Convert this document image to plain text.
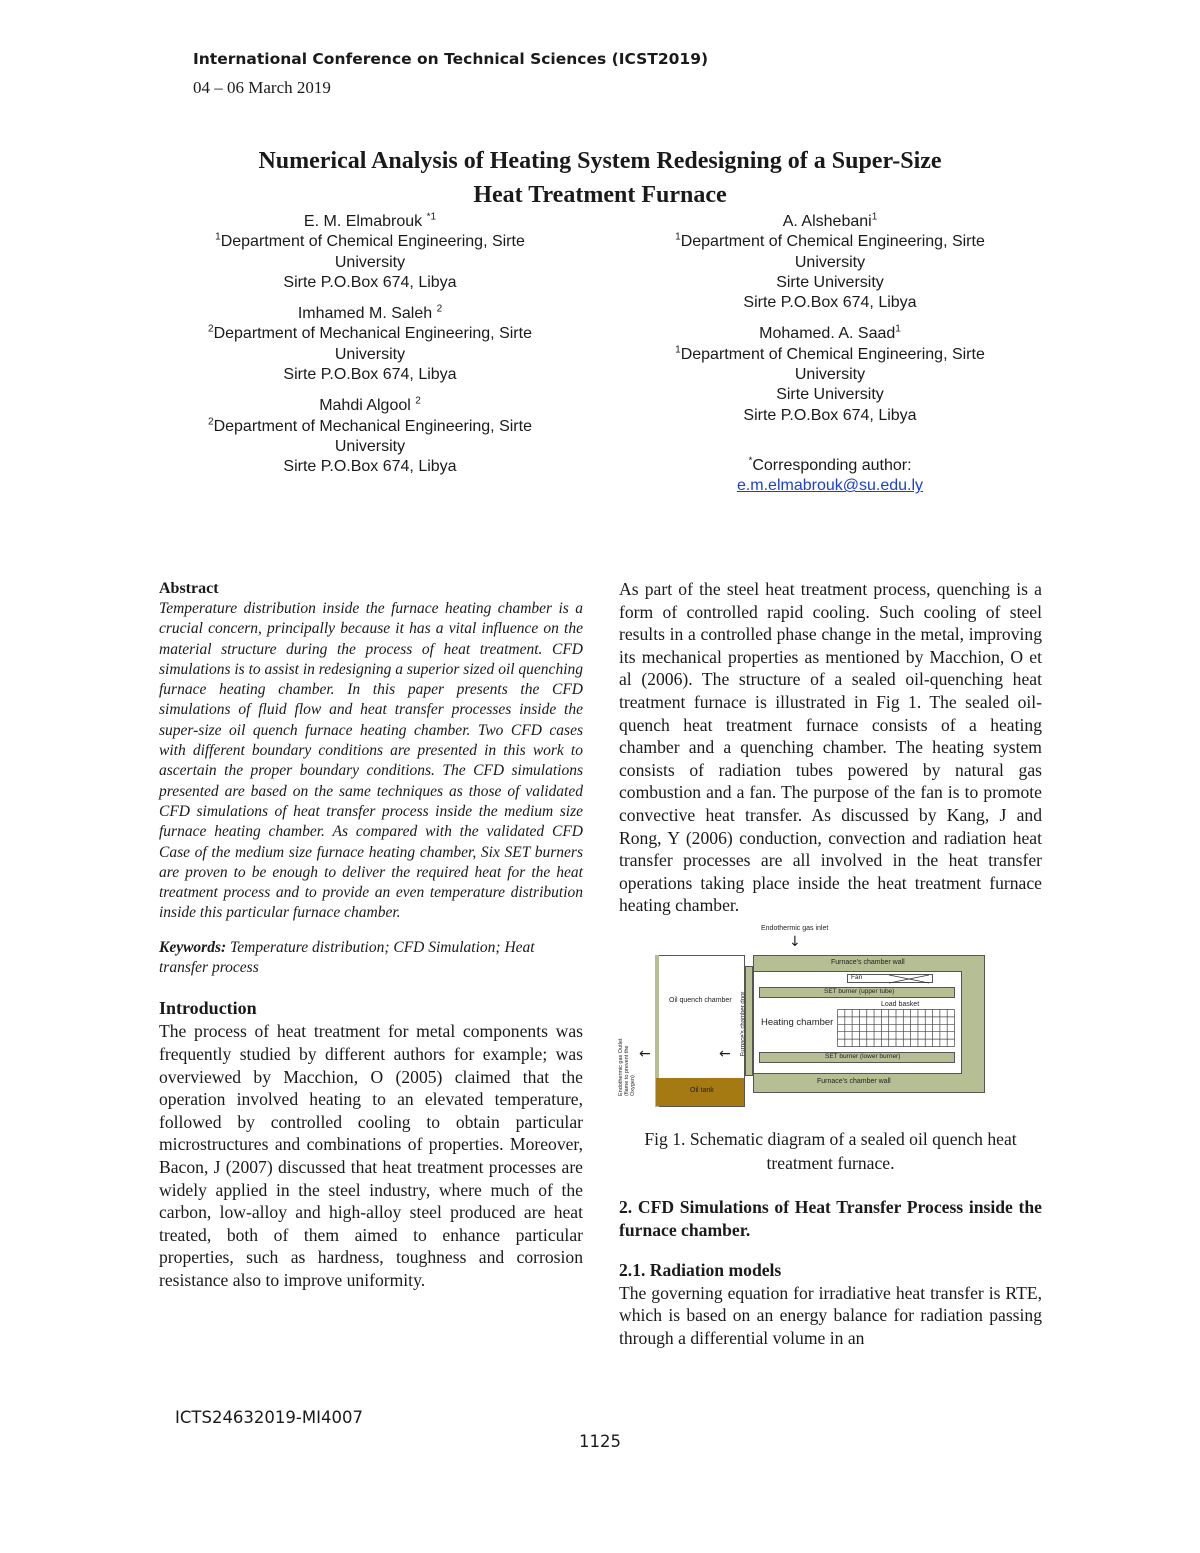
International Conference on Technical Sciences (ICST2019)
04 – 06 March 2019
Numerical Analysis of Heating System Redesigning of a Super-Size
Heat Treatment Furnace
E. M. Elmabrouk $^{*1}$
$^1$Department of Chemical Engineering, Sirte
University
Sirte P.O.Box 674, Libya
Imhamed M. Saleh $^2$
$^2$Department of Mechanical Engineering, Sirte
University
Sirte P.O.Box 674, Libya
Mahdi Algool $^2$
$^2$Department of Mechanical Engineering, Sirte
University
Sirte P.O.Box 674, Libya
A. Alshebani$^1$
$^1$Department of Chemical Engineering, Sirte
University
Sirte University
Sirte P.O.Box 674, Libya
Mohamed. A. Saad$^1$
$^1$Department of Chemical Engineering, Sirte
University
Sirte University
Sirte P.O.Box 674, Libya
*Corresponding author:
e.m.elmabrouk@su.edu.ly
Abstract
Temperature distribution inside the furnace heating chamber is a crucial concern, principally because it has a vital influence on the material structure during the process of heat treatment. CFD simulations is to assist in redesigning a superior sized oil quenching furnace heating chamber. In this paper presents the CFD simulations of fluid flow and heat transfer processes inside the super-size oil quench furnace heating chamber. Two CFD cases with different boundary conditions are presented in this work to ascertain the proper boundary conditions. The CFD simulations presented are based on the same techniques as those of validated CFD simulations of heat transfer process inside the medium size furnace heating chamber. As compared with the validated CFD Case of the medium size furnace heating chamber, Six SET burners are proven to be enough to deliver the required heat for the heat treatment process and to provide an even temperature distribution inside this particular furnace chamber.
Keywords: Temperature distribution; CFD Simulation; Heat transfer process
Introduction
The process of heat treatment for metal components was frequently studied by different authors for example; was overviewed by Macchion, O (2005) claimed that the operation involved heating to an elevated temperature, followed by controlled cooling to obtain particular microstructures and combinations of properties. Moreover, Bacon, J (2007) discussed that heat treatment processes are widely applied in the steel industry, where much of the carbon, low-alloy and high-alloy steel produced are heat treated, both of them aimed to enhance particular properties, such as hardness, toughness and corrosion resistance also to improve uniformity.
As part of the steel heat treatment process, quenching is a form of controlled rapid cooling. Such cooling of steel results in a controlled phase change in the metal, improving its mechanical properties as mentioned by Macchion, O et al (2006). The structure of a sealed oil-quenching heat treatment furnace is illustrated in Fig 1. The sealed oil-quench heat treatment furnace consists of a heating chamber and a quenching chamber. The heating system consists of radiation tubes powered by natural gas combustion and a fan. The purpose of the fan is to promote convective heat transfer. As discussed by Kang, J and Rong, Y (2006) conduction, convection and radiation heat transfer processes are all involved in the heat transfer operations taking place inside the heat treatment furnace heating chamber.
Endothermic gas inlet
↓
Oil quench chamber
Oil tank
Furnace's chamber door
Furnace's chamber wall
Furnace's chamber wall
Heating chamber
Fan
SET burner (upper tube)
Load basket
SET burner (lower burner)
←
←
Endothermic gas Outlet (flame to prevent the Oxygen)
Fig 1. Schematic diagram of a sealed oil quench heat
treatment furnace.
2. CFD Simulations of Heat Transfer Process inside the furnace chamber.
2.1. Radiation models
The governing equation for irradiative heat transfer is RTE, which is based on an energy balance for radiation passing through a differential volume in an
ICTS24632019-MI4007
1125
